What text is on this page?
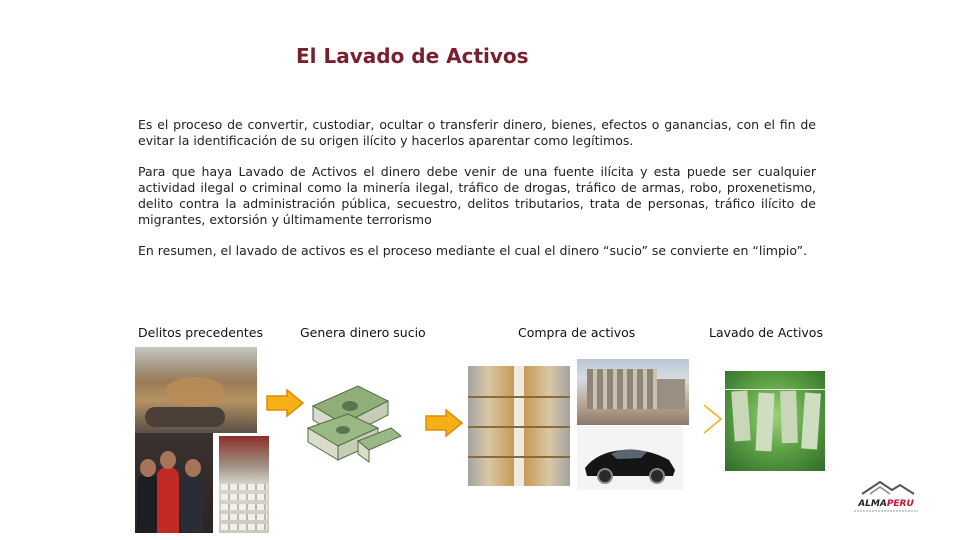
El Lavado de Activos
Es el proceso de convertir, custodiar, ocultar o transferir dinero, bienes, efectos o ganancias, con el fin de evitar la identificación de su origen ilícito y hacerlos aparentar como legítimos.
Para que haya Lavado de Activos el dinero debe venir de una fuente ilícita y esta puede ser cualquier actividad ilegal o criminal como la minería ilegal, tráfico de drogas, tráfico de armas, robo, proxenetismo, delito contra la administración pública, secuestro, delitos tributarios, trata de personas, tráfico ilícito de migrantes, extorsión y últimamente terrorismo
En resumen, el lavado de activos es el proceso mediante el cual el dinero “sucio” se convierte en “limpio”.
Delitos precedentes	Genera dinero sucio	Compra de activos	Lavado de Activos
ALMAPERU
